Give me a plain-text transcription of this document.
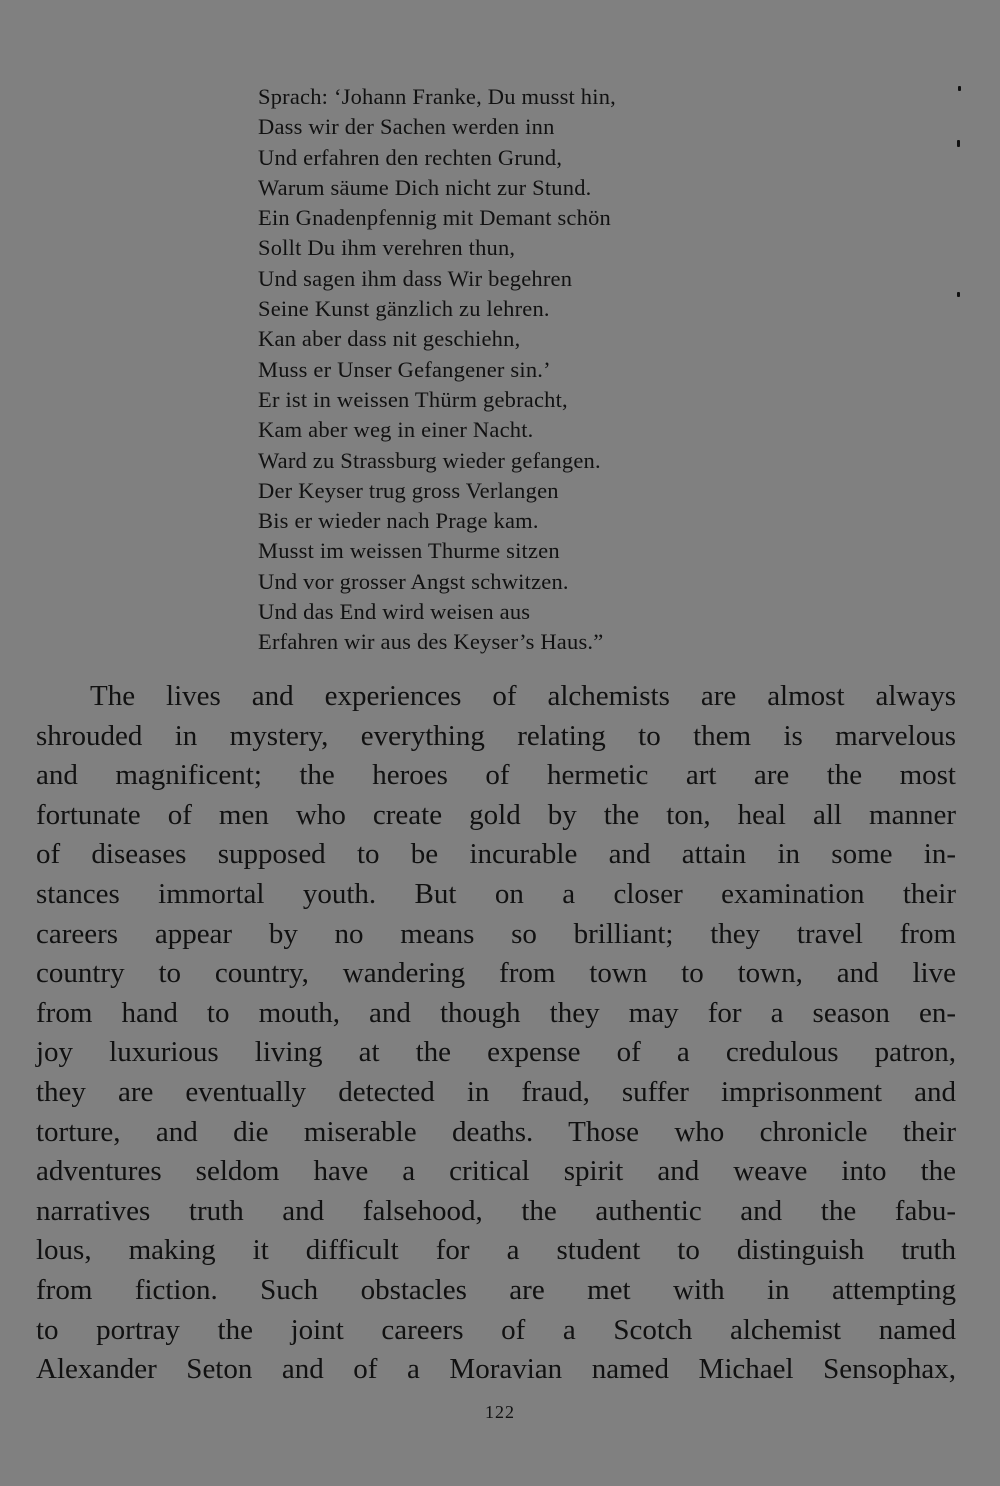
Sprach: ‘Johann Franke, Du musst hin,
Dass wir der Sachen werden inn
Und erfahren den rechten Grund,
Warum säume Dich nicht zur Stund.
Ein Gnadenpfennig mit Demant schön
Sollt Du ihm verehren thun,
Und sagen ihm dass Wir begehren
Seine Kunst gänzlich zu lehren.
Kan aber dass nit geschiehn,
Muss er Unser Gefangener sin.’
Er ist in weissen Thürm gebracht,
Kam aber weg in einer Nacht.
Ward zu Strassburg wieder gefangen.
Der Keyser trug gross Verlangen
Bis er wieder nach Prage kam.
Musst im weissen Thurme sitzen
Und vor grosser Angst schwitzen.
Und das End wird weisen aus
Erfahren wir aus des Keyser’s Haus.”
The lives and experiences of alchemists are almost always
shrouded in mystery, everything relating to them is marvelous
and magnificent; the heroes of hermetic art are the most
fortunate of men who create gold by the ton, heal all manner
of diseases supposed to be incurable and attain in some in-
stances immortal youth. But on a closer examination their
careers appear by no means so brilliant; they travel from
country to country, wandering from town to town, and live
from hand to mouth, and though they may for a season en-
joy luxurious living at the expense of a credulous patron,
they are eventually detected in fraud, suffer imprisonment and
torture, and die miserable deaths. Those who chronicle their
adventures seldom have a critical spirit and weave into the
narratives truth and falsehood, the authentic and the fabu-
lous, making it difficult for a student to distinguish truth
from fiction. Such obstacles are met with in attempting
to portray the joint careers of a Scotch alchemist named
Alexander Seton and of a Moravian named Michael Sensophax,
122
